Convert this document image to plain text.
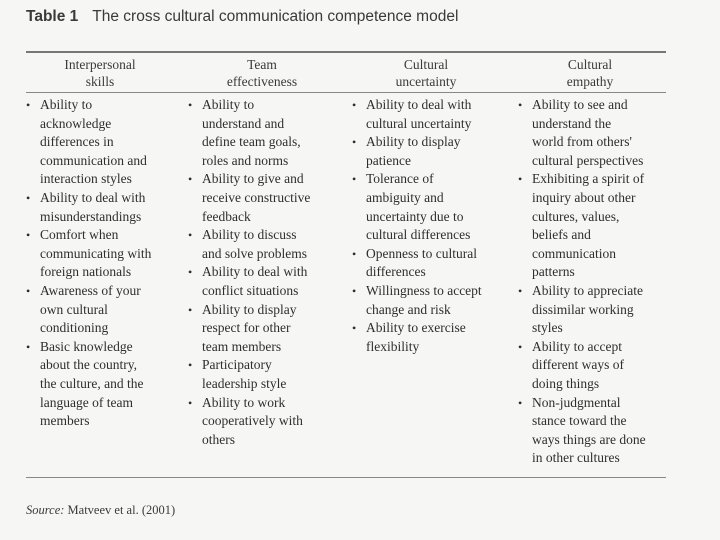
Table 1 The cross cultural communication competence model
Interpersonal
skills
Team
effectiveness
Cultural
uncertainty
Cultural
empathy
• Ability to
acknowledge
differences in
communication and
interaction styles
• Ability to deal with
misunderstandings
• Comfort when
communicating with
foreign nationals
• Awareness of your
own cultural
conditioning
• Basic knowledge
about the country,
the culture, and the
language of team
members
• Ability to
understand and
define team goals,
roles and norms
• Ability to give and
receive constructive
feedback
• Ability to discuss
and solve problems
• Ability to deal with
conflict situations
• Ability to display
respect for other
team members
• Participatory
leadership style
• Ability to work
cooperatively with
others
• Ability to deal with
cultural uncertainty
• Ability to display
patience
• Tolerance of
ambiguity and
uncertainty due to
cultural differences
• Openness to cultural
differences
• Willingness to accept
change and risk
• Ability to exercise
flexibility
• Ability to see and
understand the
world from others'
cultural perspectives
• Exhibiting a spirit of
inquiry about other
cultures, values,
beliefs and
communication
patterns
• Ability to appreciate
dissimilar working
styles
• Ability to accept
different ways of
doing things
• Non-judgmental
stance toward the
ways things are done
in other cultures
Source: Matveev et al. (2001)
